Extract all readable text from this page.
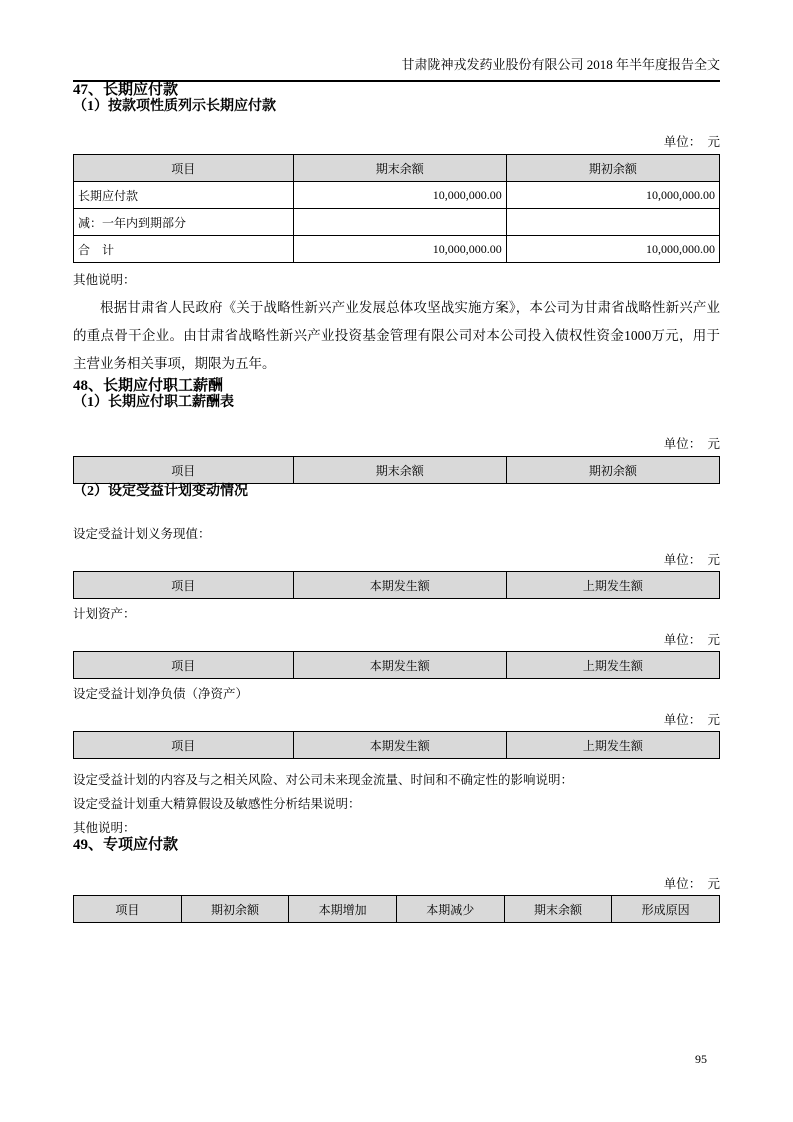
甘肃陇神戎发药业股份有限公司 2018 年半年度报告全文
47、长期应付款
（1）按款项性质列示长期应付款
单位：　元
项目	期末余额	期初余额
长期应付款	10,000,000.00	10,000,000.00
减：一年内到期部分		
合　计	10,000,000.00	10,000,000.00
其他说明：

根据甘肃省人民政府《关于战略性新兴产业发展总体攻坚战实施方案》，本公司为甘肃省战略性新兴产业的重点骨干企业。由甘肃省战略性新兴产业投资基金管理有限公司对本公司投入债权性资金1000万元，用于主营业务相关事项，期限为五年。

48、长期应付职工薪酬
（1）长期应付职工薪酬表
单位：　元
项目	期末余额	期初余额
（2）设定受益计划变动情况
设定受益计划义务现值：
单位：　元
项目	本期发生额	上期发生额
计划资产：
单位：　元
项目	本期发生额	上期发生额
设定受益计划净负债（净资产）
单位：　元
项目	本期发生额	上期发生额
设定受益计划的内容及与之相关风险、对公司未来现金流量、时间和不确定性的影响说明：
设定受益计划重大精算假设及敏感性分析结果说明：
其他说明：
49、专项应付款
单位：　元
项目	期初余额	本期增加	本期减少	期末余额	形成原因
95
